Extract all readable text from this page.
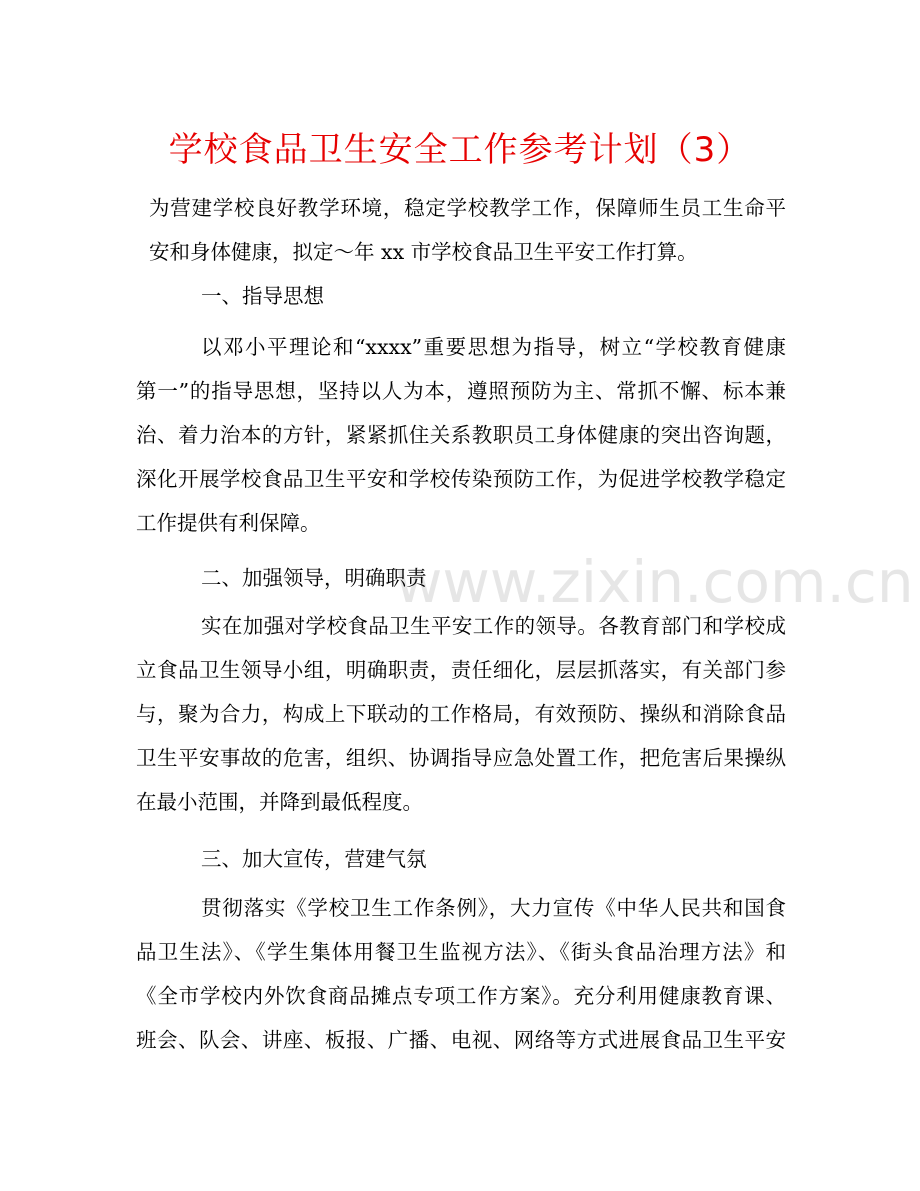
学校食品卫生安全工作参考计划（3）
www.zixin.com.cn

为营建学校良好教学环境，稳定学校教学工作，保障师生员工生命平
安和身体健康，拟定～年 xx 市学校食品卫生平安工作打算。

一、指导思想

以邓小平理论和“xxxx”重要思想为指导，树立“学校教育健康
第一”的指导思想，坚持以人为本，遵照预防为主、常抓不懈、标本兼
治、着力治本的方针，紧紧抓住关系教职员工身体健康的突出咨询题，
深化开展学校食品卫生平安和学校传染预防工作，为促进学校教学稳定
工作提供有利保障。

二、加强领导，明确职责

实在加强对学校食品卫生平安工作的领导。各教育部门和学校成
立食品卫生领导小组，明确职责，责任细化，层层抓落实，有关部门参
与，聚为合力，构成上下联动的工作格局，有效预防、操纵和消除食品
卫生平安事故的危害，组织、协调指导应急处置工作，把危害后果操纵
在最小范围，并降到最低程度。

三、加大宣传，营建气氛

贯彻落实《学校卫生工作条例》，大力宣传《中华人民共和国食
品卫生法》、《学生集体用餐卫生监视方法》、《街头食品治理方法》和
《全市学校内外饮食商品摊点专项工作方案》。充分利用健康教育课、
班会、队会、讲座、板报、广播、电视、网络等方式进展食品卫生平安
